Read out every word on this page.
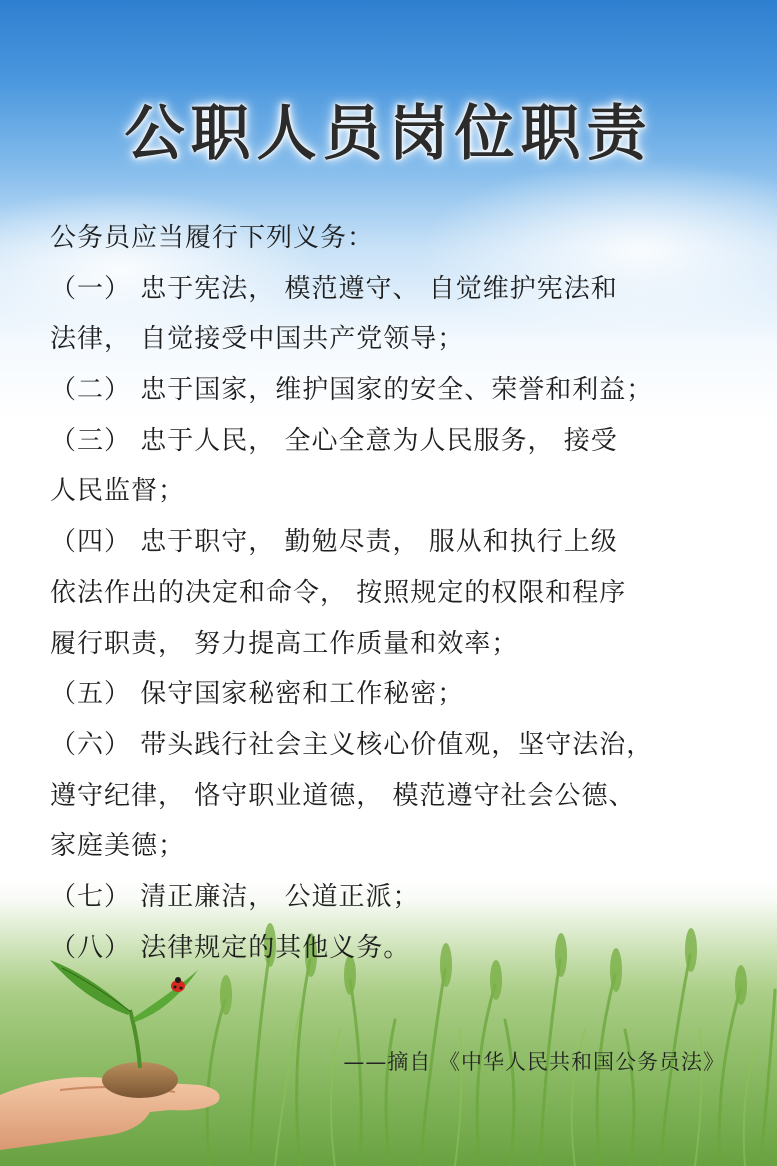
公职人员岗位职责
公务员应当履行下列义务：
（一） 忠于宪法， 模范遵守、 自觉维护宪法和
法律， 自觉接受中国共产党领导；
（二） 忠于国家，维护国家的安全、荣誉和利益；
（三） 忠于人民， 全心全意为人民服务， 接受
人民监督；
（四） 忠于职守， 勤勉尽责， 服从和执行上级
依法作出的决定和命令， 按照规定的权限和程序
履行职责， 努力提高工作质量和效率；
（五） 保守国家秘密和工作秘密；
（六） 带头践行社会主义核心价值观，坚守法治，
遵守纪律， 恪守职业道德， 模范遵守社会公德、
家庭美德；
（七） 清正廉洁， 公道正派；
（八） 法律规定的其他义务。
——摘自 《中华人民共和国公务员法》
